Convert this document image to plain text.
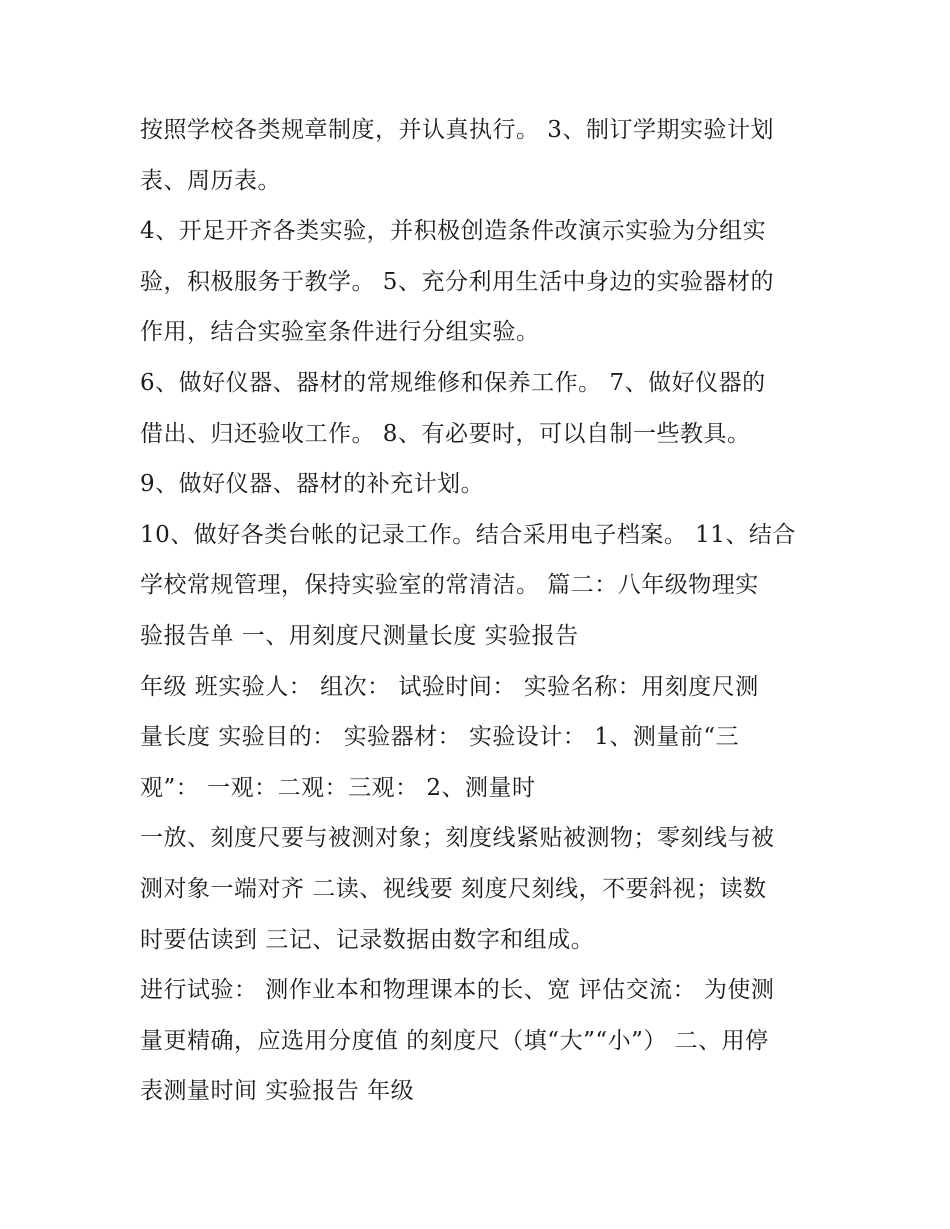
按照学校各类规章制度，并认真执行。 3、制订学期实验计划
表、周历表。
4、开足开齐各类实验，并积极创造条件改演示实验为分组实
验，积极服务于教学。 5、充分利用生活中身边的实验器材的
作用，结合实验室条件进行分组实验。
6、做好仪器、器材的常规维修和保养工作。 7、做好仪器的
借出、归还验收工作。 8、有必要时，可以自制一些教具。
9、做好仪器、器材的补充计划。
10、做好各类台帐的记录工作。结合采用电子档案。 11、结合
学校常规管理，保持实验室的常清洁。 篇二：八年级物理实
验报告单 一、用刻度尺测量长度 实验报告
年级 班实验人： 组次： 试验时间： 实验名称：用刻度尺测
量长度 实验目的： 实验器材： 实验设计： 1、测量前“三
观”： 一观：二观：三观： 2、测量时
一放、刻度尺要与被测对象；刻度线紧贴被测物；零刻线与被
测对象一端对齐 二读、视线要 刻度尺刻线，不要斜视；读数
时要估读到 三记、记录数据由数字和组成。
进行试验： 测作业本和物理课本的长、宽 评估交流： 为使测
量更精确，应选用分度值 的刻度尺（填“大”“小”） 二、用停
表测量时间 实验报告 年级
